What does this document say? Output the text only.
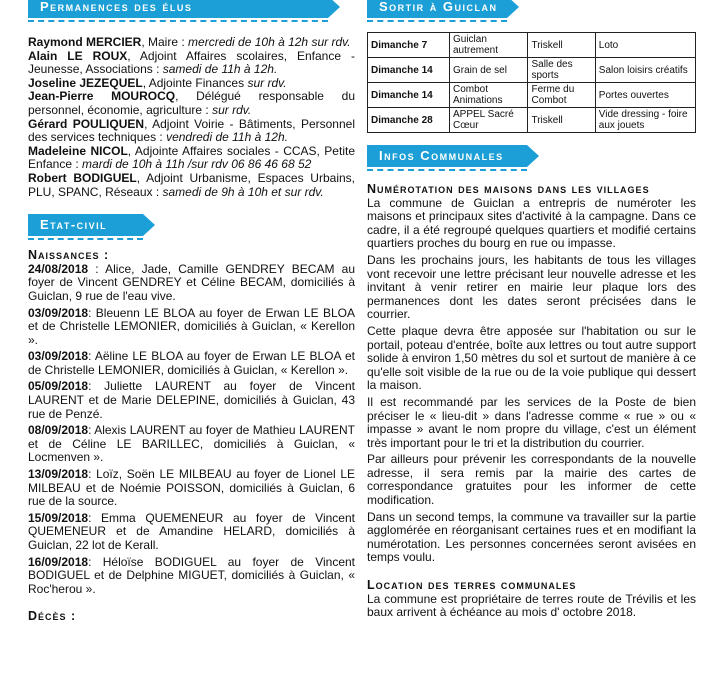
Permanences des élus

Raymond MERCIER, Maire : mercredi de 10h à 12h sur rdv.

Alain LE ROUX, Adjoint Affaires scolaires, Enfance - Jeunesse, Associations : samedi de 11h à 12h.

Joseline JEZEQUEL, Adjointe Finances sur rdv.

Jean-Pierre MOUROCQ, Délégué responsable du personnel, économie, agriculture : sur rdv.

Gérard POULIQUEN, Adjoint Voirie - Bâtiments, Personnel des services techniques : vendredi de 11h à 12h.

Madeleine NICOL, Adjointe Affaires sociales - CCAS, Petite Enfance : mardi de 10h à 11h /sur rdv 06 86 46 68 52

Robert BODIGUEL, Adjoint Urbanisme, Espaces Urbains, PLU, SPANC, Réseaux : samedi de 9h à 10h et sur rdv.

Etat-civil
Naissances :

24/08/2018 : Alice, Jade, Camille GENDREY BECAM au foyer de Vincent GENDREY et Céline BECAM, domiciliés à Guiclan, 9 rue de l'eau vive.

03/09/2018: Bleuenn LE BLOA au foyer de Erwan LE BLOA et de Christelle LEMONIER, domiciliés à Guiclan, « Kerellon ».

03/09/2018: Aëline LE BLOA au foyer de Erwan LE BLOA et de Christelle LEMONIER, domiciliés à Guiclan, « Kerellon ».

05/09/2018: Juliette LAURENT au foyer de Vincent LAURENT et de Marie DELEPINE, domiciliés à Guiclan, 43 rue de Penzé.

08/09/2018: Alexis LAURENT au foyer de Mathieu LAURENT et de Céline LE BARILLEC, domiciliés à Guiclan, « Locmenven ».

13/09/2018: Loïz, Soën LE MILBEAU au foyer de Lionel LE MILBEAU et de Noémie POISSON, domiciliés à Guiclan, 6 rue de la source.

15/09/2018: Emma QUEMENEUR au foyer de Vincent QUEMENEUR et de Amandine HELARD, domiciliés à Guiclan, 22 lot de Kerall.

16/09/2018: Héloïse BODIGUEL au foyer de Vincent BODIGUEL et de Delphine MIGUET, domiciliés à Guiclan, « Roc'herou ».

Décès :
Sortir à Guiclan
Dimanche 7	Guiclan autrement	Triskell	Loto
Dimanche 14	Grain de sel	Salle des sports	Salon loisirs créatifs
Dimanche 14	Combot Animations	Ferme du Combot	Portes ouvertes
Dimanche 28	APPEL Sacré Cœur	Triskell	Vide dressing - foire aux jouets
Infos Communales
Numérotation des maisons dans les villages

La commune de Guiclan a entrepris de numéroter les maisons et principaux sites d'activité à la campagne. Dans ce cadre, il a été regroupé quelques quartiers et modifié certains quartiers proches du bourg en rue ou impasse.

Dans les prochains jours, les habitants de tous les villages vont recevoir une lettre précisant leur nouvelle adresse et les invitant à venir retirer en mairie leur plaque lors des permanences dont les dates seront précisées dans le courrier.

Cette plaque devra être apposée sur l'habitation ou sur le portail, poteau d'entrée, boîte aux lettres ou tout autre support solide à environ 1,50 mètres du sol et surtout de manière à ce qu'elle soit visible de la rue ou de la voie publique qui dessert la maison.

Il est recommandé par les services de la Poste de bien préciser le « lieu-dit » dans l'adresse comme « rue » ou « impasse » avant le nom propre du village, c'est un élément très important pour le tri et la distribution du courrier.

Par ailleurs pour prévenir les correspondants de la nouvelle adresse, il sera remis par la mairie des cartes de correspondance gratuites pour les informer de cette modification.

Dans un second temps, la commune va travailler sur la partie agglomérée en réorganisant certaines rues et en modifiant la numérotation. Les personnes concernées seront avisées en temps voulu.

Location des terres communales

La commune est propriétaire de terres route de Trévilis et les baux arrivent à échéance au mois d' octobre 2018.
